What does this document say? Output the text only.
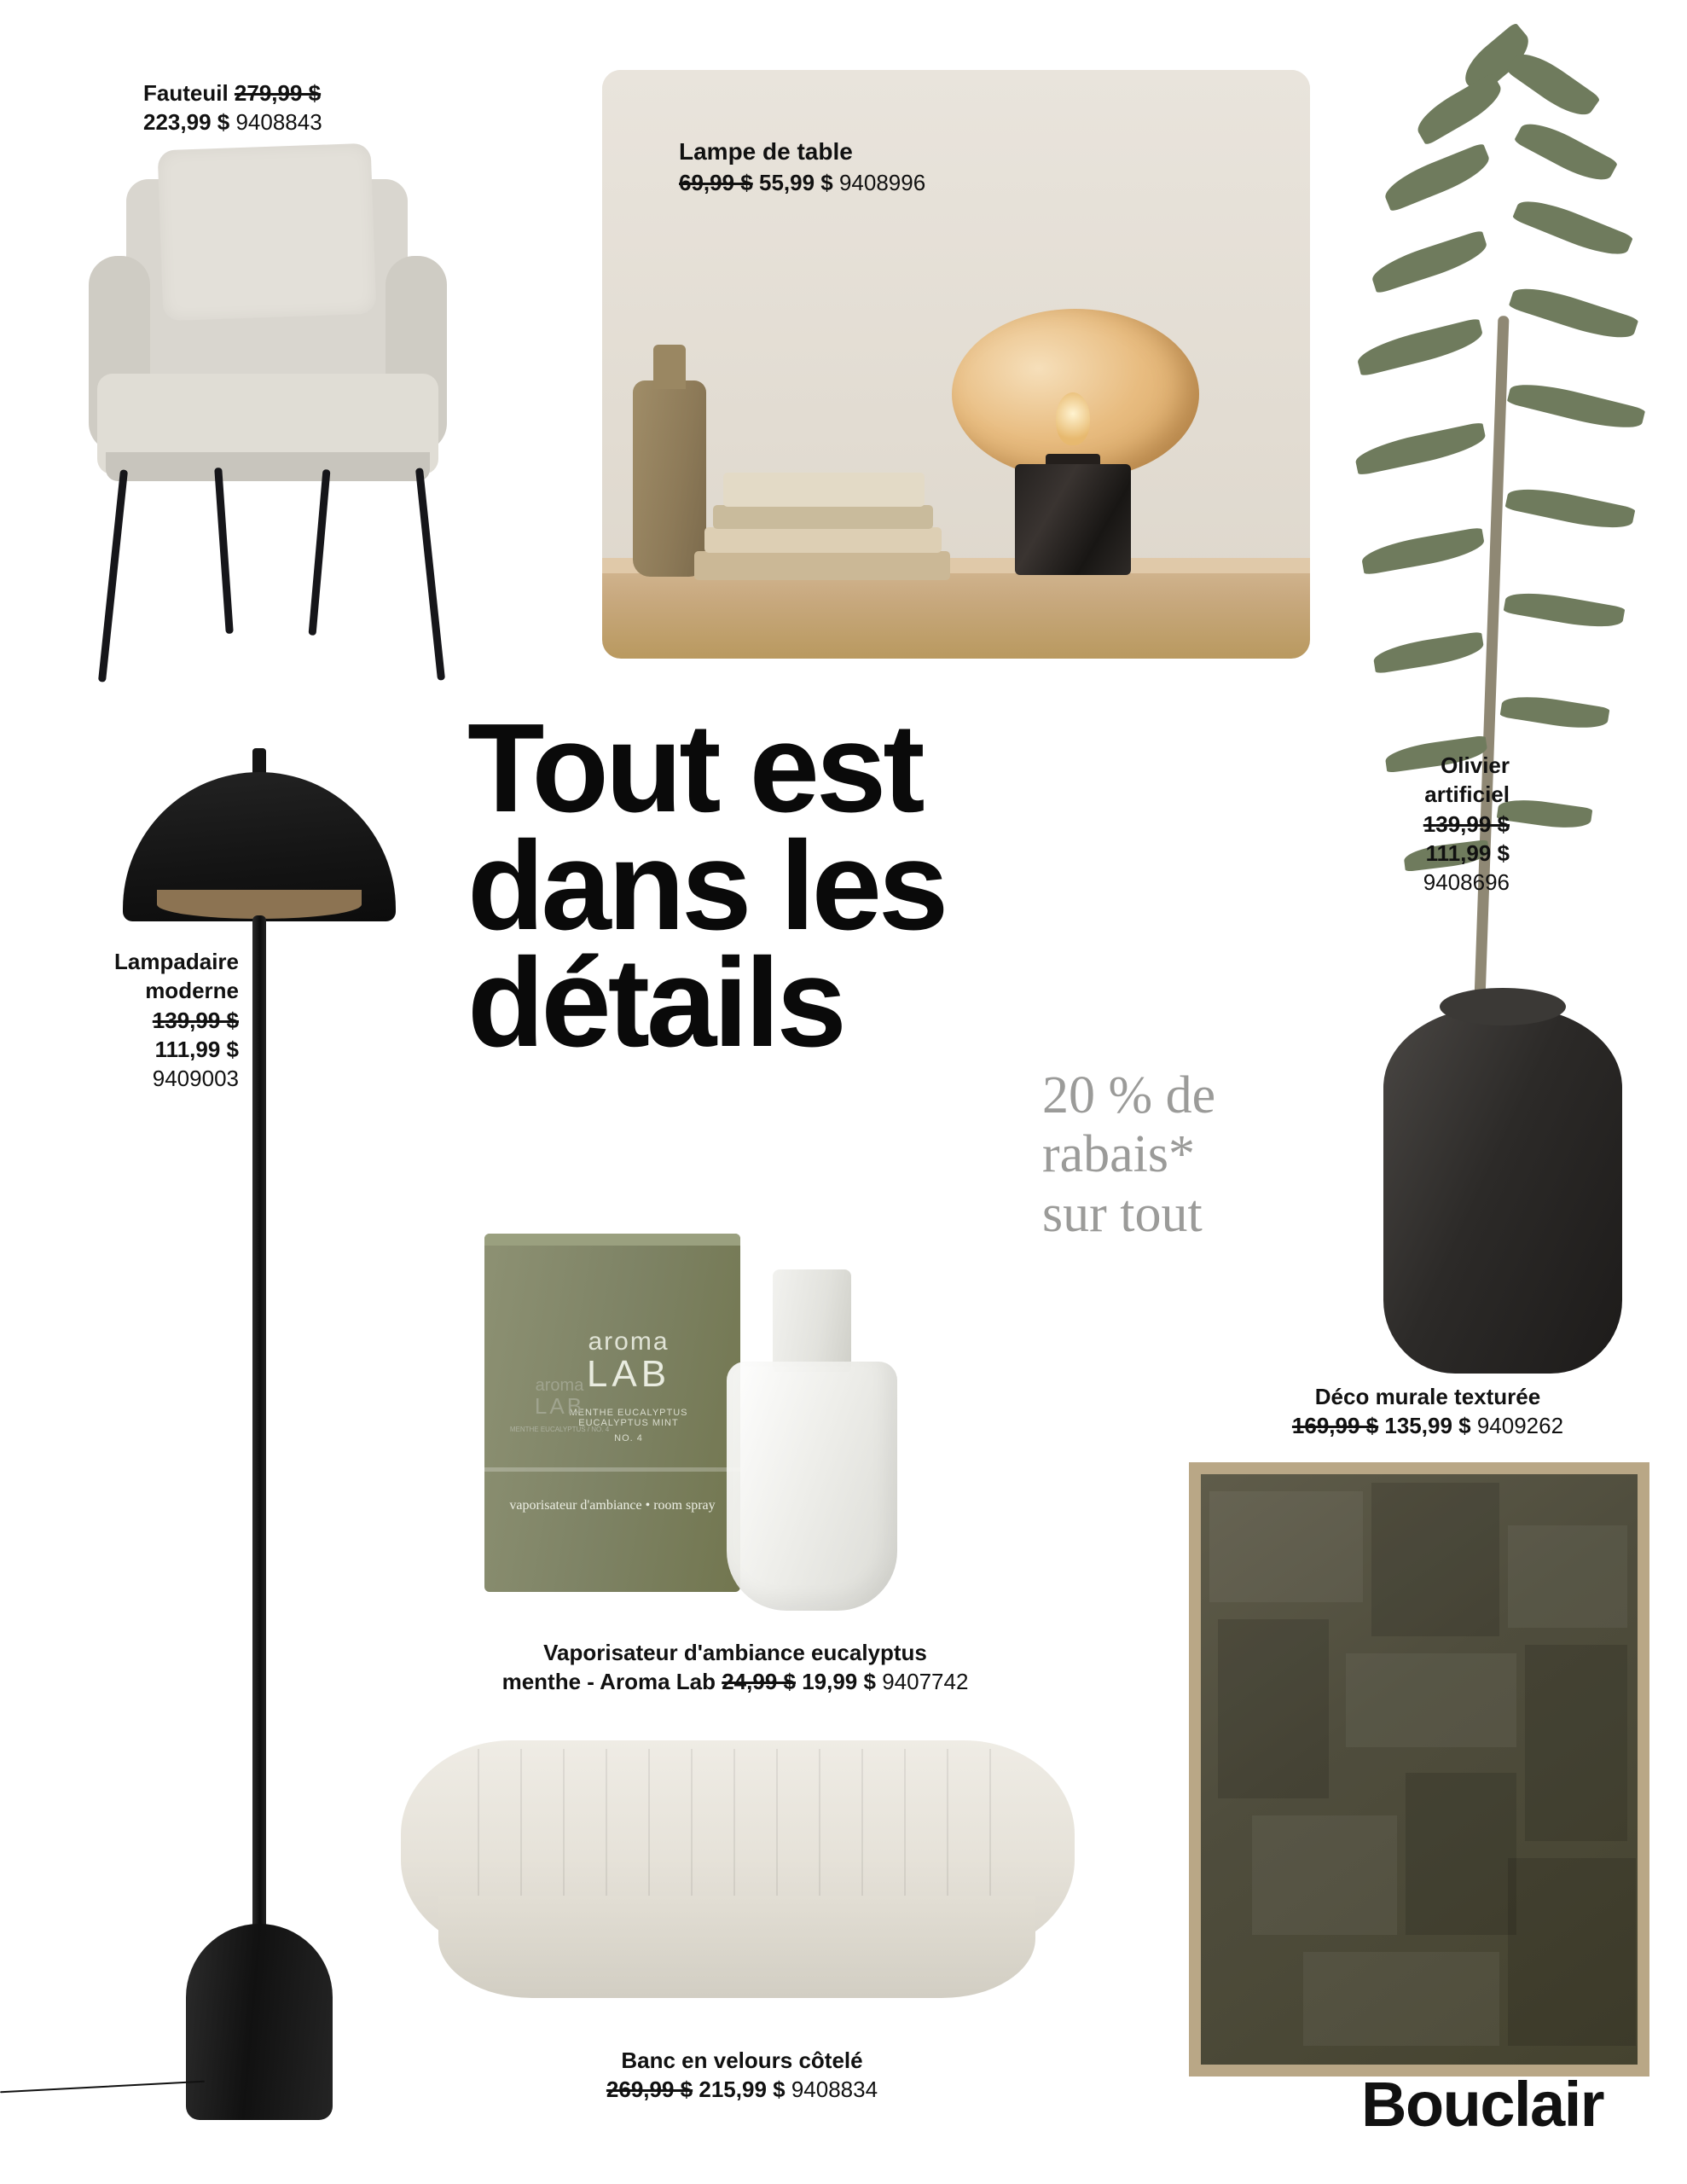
Fauteuil 279,99 $
223,99 $ 9408843
Lampe de table
69,99 $ 55,99 $ 9408996
Olivier
artificiel
139,99 $
111,99 $
9408696
Lampadaire
moderne
139,99 $
111,99 $
9409003
Tout est
dans les
détails
20 % de
rabais*
sur tout
aroma
LAB
MENTHE EUCALYPTUS
EUCALYPTUS MINT
NO. 4
vaporisateur d'ambiance • room spray
aroma
LAB
MENTHE EUCALYPTUS / NO. 4
Vaporisateur d'ambiance eucalyptus
menthe - Aroma Lab 24,99 $ 19,99 $ 9407742
Banc en velours côtelé
269,99 $ 215,99 $ 9408834
Déco murale texturée
169,99 $ 135,99 $ 9409262
Bouclair
